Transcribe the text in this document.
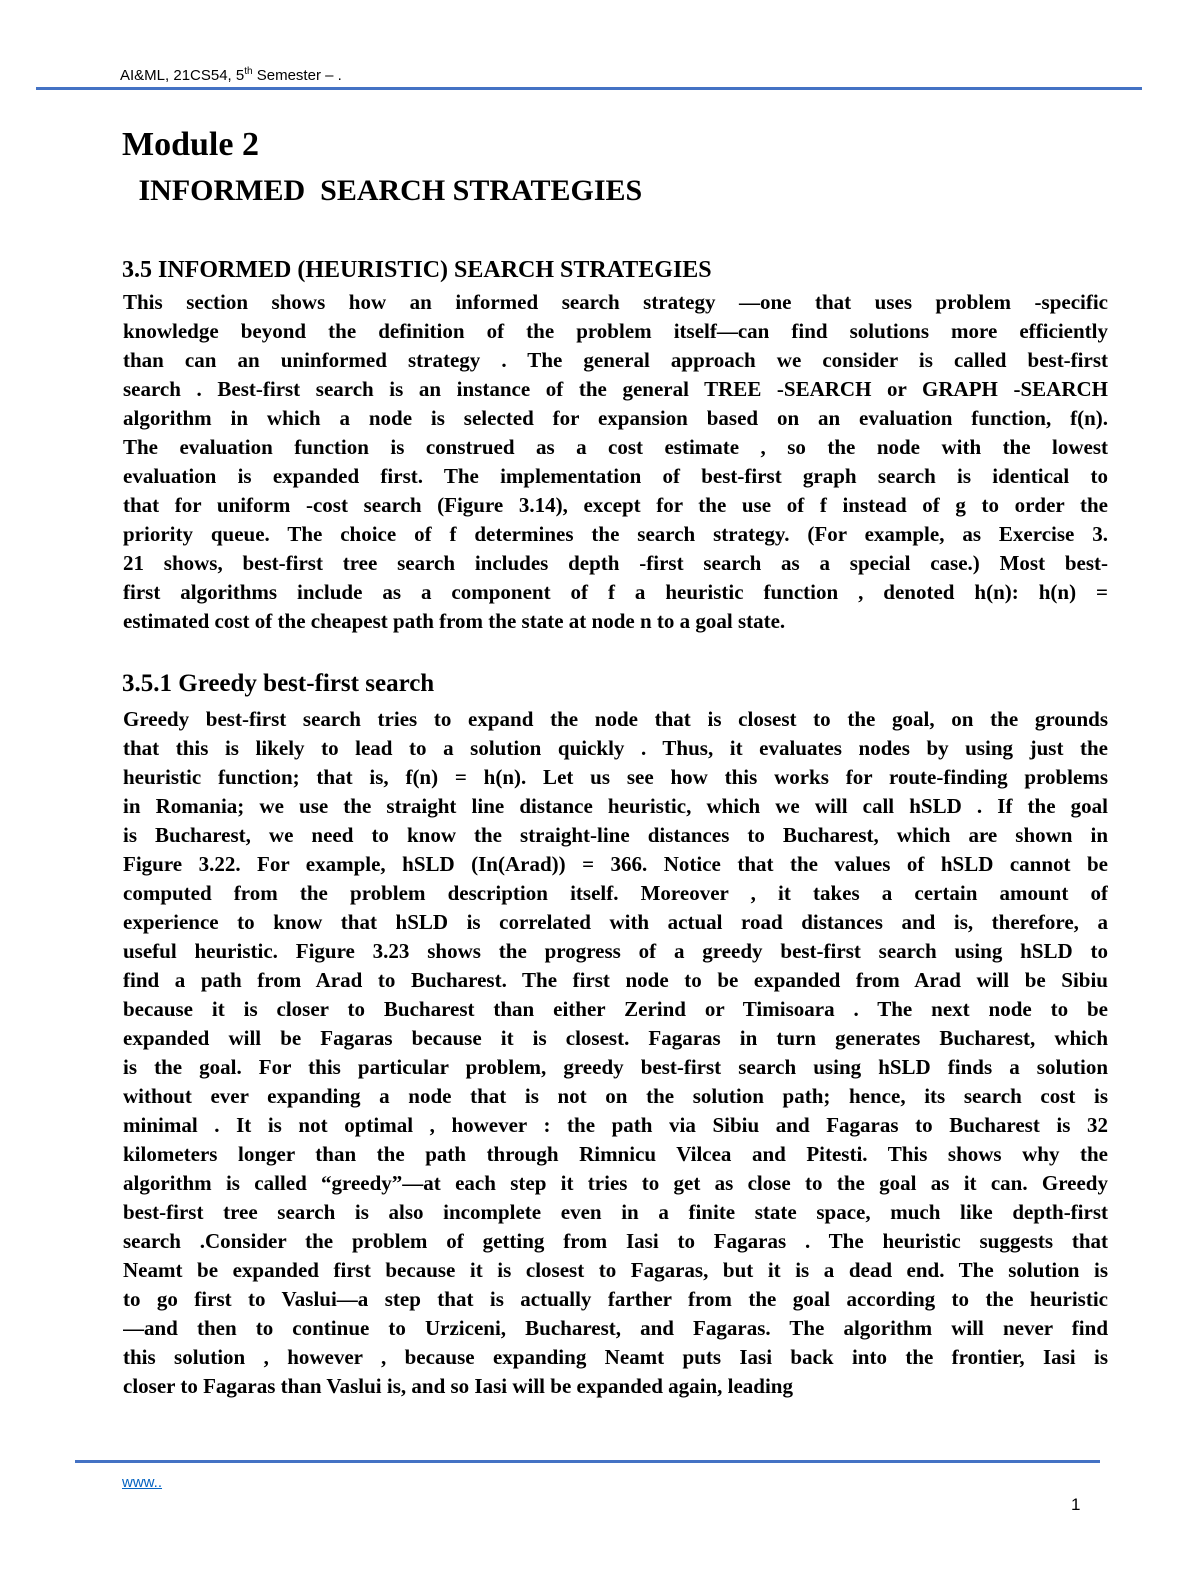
AI&ML, 21CS54, 5th Semester – .
Module 2
INFORMED  SEARCH STRATEGIES
3.5 INFORMED (HEURISTIC) SEARCH STRATEGIES
This section shows how an informed search strategy —one that uses problem -specific
knowledge beyond the definition of the problem itself—can find solutions more efficiently
than can an uninformed strategy . The general approach we consider is called best-first
search . Best-first search is an instance of the general TREE -SEARCH or GRAPH -SEARCH
algorithm in which a node is selected for expansion based on an evaluation function, f(n).
The evaluation function is construed as a cost estimate , so the node with the lowest
evaluation is expanded first. The implementation of best-first graph search is identical to
that for uniform -cost search (Figure 3.14), except for the use of f instead of g to order the
priority queue. The choice of f determines the search strategy. (For example, as Exercise 3.
21 shows, best-first tree search includes depth -first search as a special case.) Most best-
first algorithms include as a component of f a heuristic function , denoted h(n): h(n) =
estimated cost of the cheapest path from the state at node n to a goal state.
3.5.1 Greedy best-first search
Greedy best-first search tries to expand the node that is closest to the goal, on the grounds
that this is likely to lead to a solution quickly . Thus, it evaluates nodes by using just the
heuristic function; that is, f(n) = h(n). Let us see how this works for route-finding problems
in Romania; we use the straight line distance heuristic, which we will call hSLD . If the goal
is Bucharest, we need to know the straight-line distances to Bucharest, which are shown in
Figure 3.22. For example, hSLD (In(Arad)) = 366. Notice that the values of hSLD cannot be
computed from the problem description itself. Moreover , it takes a certain amount of
experience to know that hSLD is correlated with actual road distances and is, therefore, a
useful heuristic. Figure 3.23 shows the progress of a greedy best-first search using hSLD to
find a path from Arad to Bucharest. The first node to be expanded from Arad will be Sibiu
because it is closer to Bucharest than either Zerind or Timisoara . The next node to be
expanded will be Fagaras because it is closest. Fagaras in turn generates Bucharest, which
is the goal. For this particular problem, greedy best-first search using hSLD finds a solution
without ever expanding a node that is not on the solution path; hence, its search cost is
minimal . It is not optimal , however : the path via Sibiu and Fagaras to Bucharest is 32
kilometers longer than the path through Rimnicu Vilcea and Pitesti. This shows why the
algorithm is called “greedy”—at each step it tries to get as close to the goal as it can. Greedy
best-first tree search is also incomplete even in a finite state space, much like depth-first
search .Consider the problem of getting from Iasi to Fagaras . The heuristic suggests that
Neamt be expanded first because it is closest to Fagaras, but it is a dead end. The solution is
to go first to Vaslui—a step that is actually farther from the goal according to the heuristic
—and then to continue to Urziceni, Bucharest, and Fagaras. The algorithm will never find
this solution , however , because expanding Neamt puts Iasi back into the frontier, Iasi is
closer to Fagaras than Vaslui is, and so Iasi will be expanded again, leading
www..
1
